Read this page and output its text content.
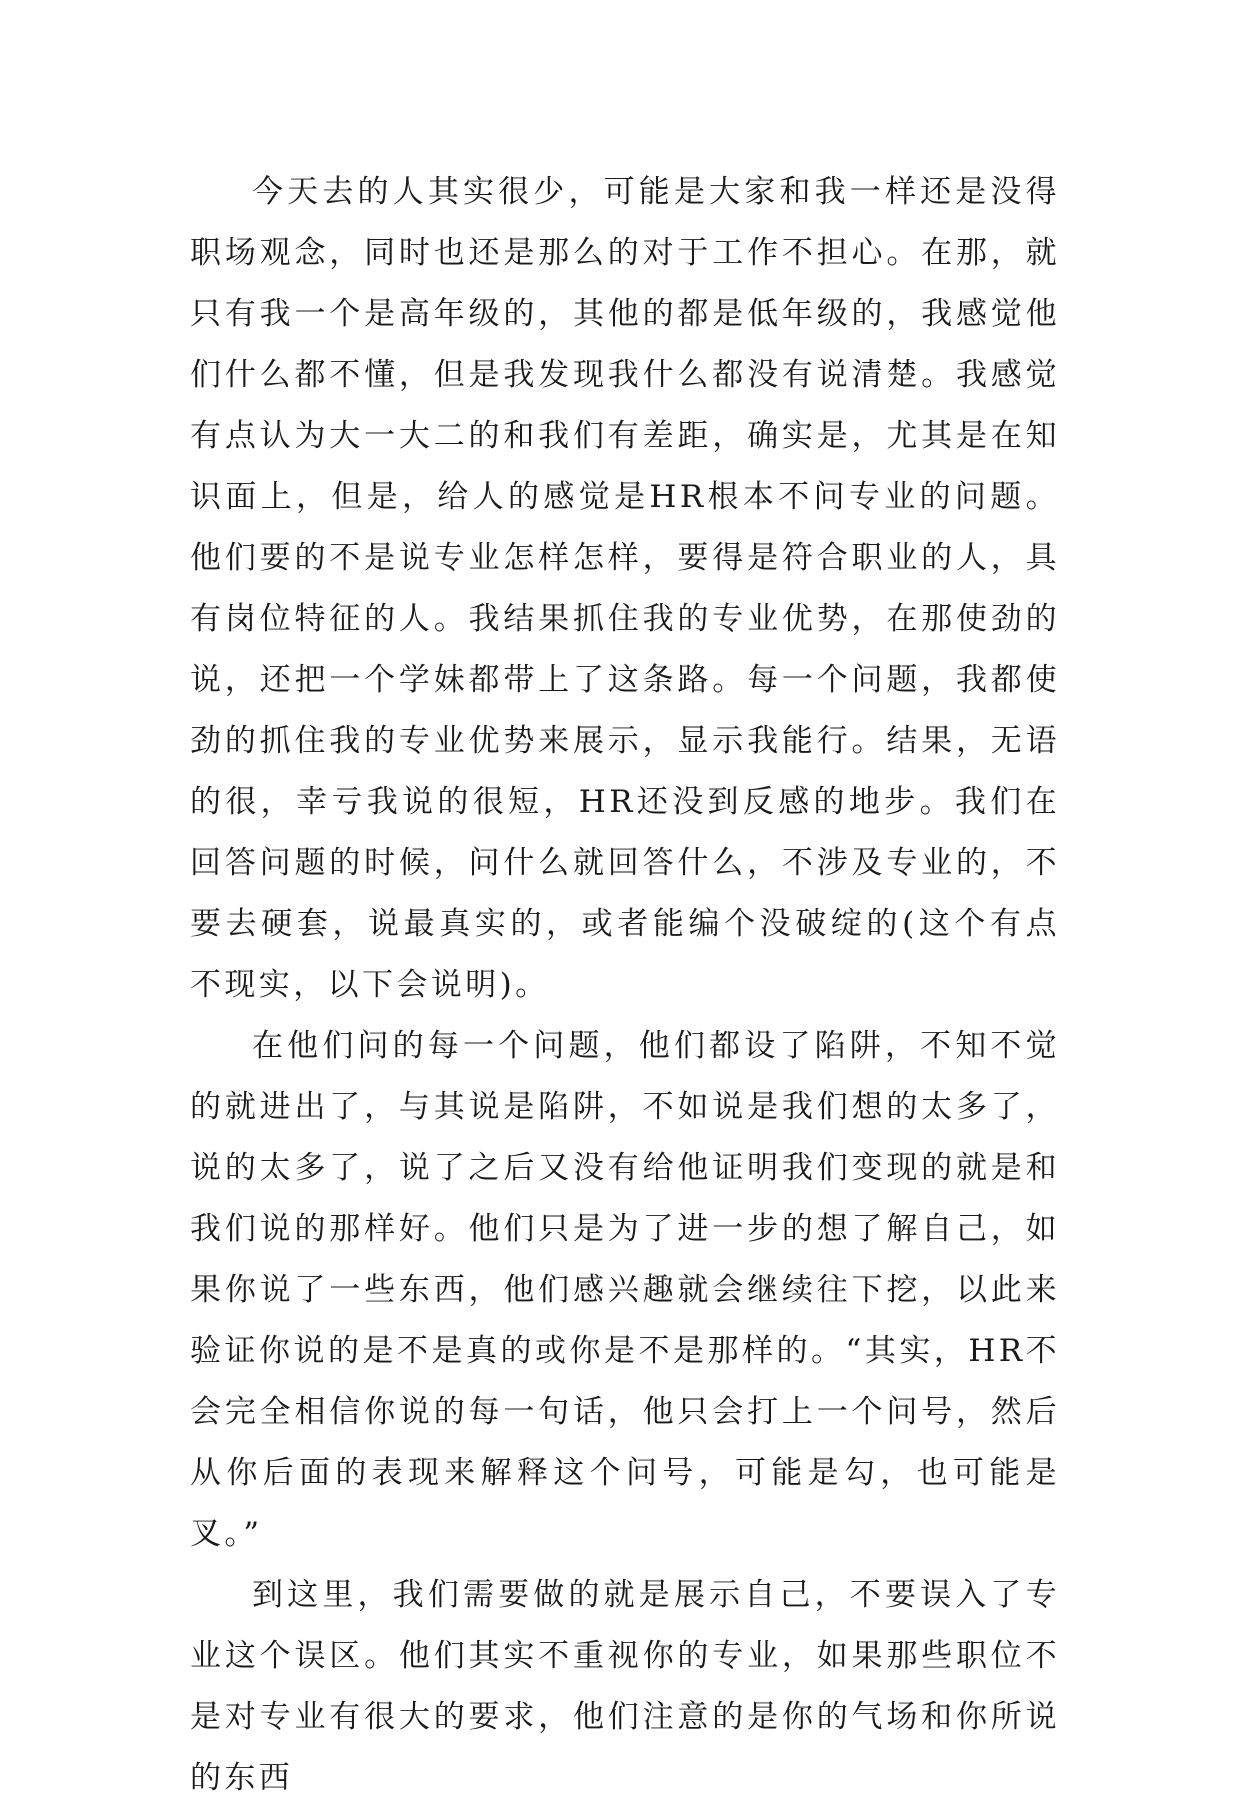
今天去的人其实很少，可能是大家和我一样还是没得职场观念，同时也还是那么的对于工作不担心。在那，就只有我一个是高年级的，其他的都是低年级的，我感觉他们什么都不懂，但是我发现我什么都没有说清楚。我感觉有点认为大一大二的和我们有差距，确实是，尤其是在知识面上，但是，给人的感觉是HR根本不问专业的问题。他们要的不是说专业怎样怎样，要得是符合职业的人，具有岗位特征的人。我结果抓住我的专业优势，在那使劲的说，还把一个学妹都带上了这条路。每一个问题，我都使劲的抓住我的专业优势来展示，显示我能行。结果，无语的很，幸亏我说的很短，HR还没到反感的地步。我们在回答问题的时候，问什么就回答什么，不涉及专业的，不要去硬套，说最真实的，或者能编个没破绽的(这个有点不现实，以下会说明)。

在他们问的每一个问题，他们都设了陷阱，不知不觉的就进出了，与其说是陷阱，不如说是我们想的太多了，说的太多了，说了之后又没有给他证明我们变现的就是和我们说的那样好。他们只是为了进一步的想了解自己，如果你说了一些东西，他们感兴趣就会继续往下挖，以此来验证你说的是不是真的或你是不是那样的。“其实，HR不会完全相信你说的每一句话，他只会打上一个问号，然后从你后面的表现来解释这个问号，可能是勾，也可能是叉。”

到这里，我们需要做的就是展示自己，不要误入了专业这个误区。他们其实不重视你的专业，如果那些职位不是对专业有很大的要求，他们注意的是你的气场和你所说的东西
